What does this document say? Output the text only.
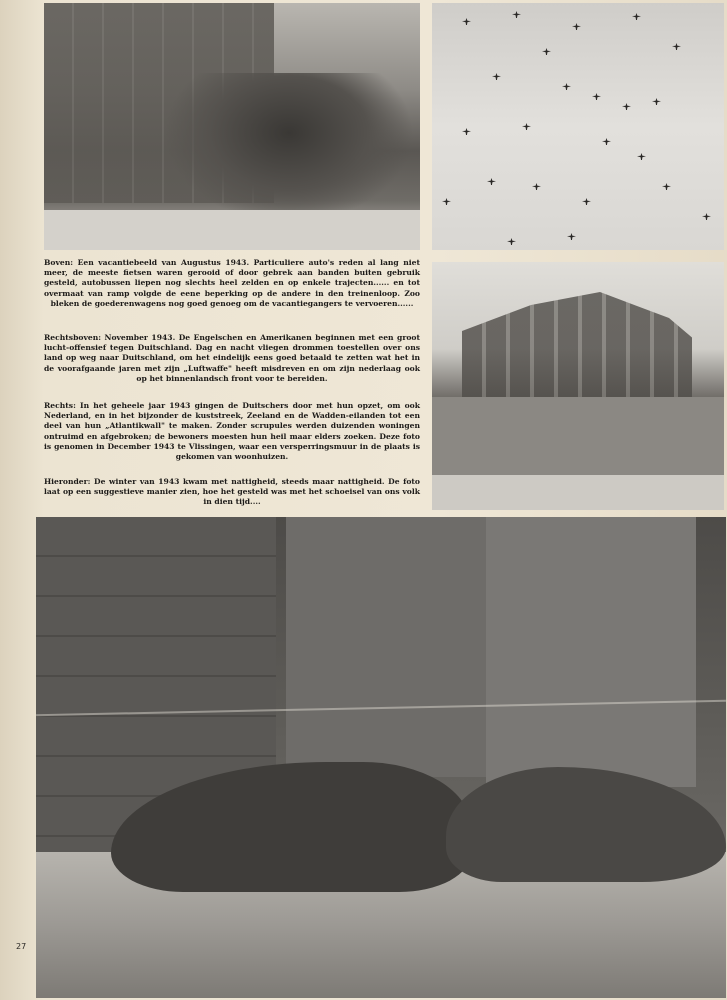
Boven: Een vacantiebeeld van Augustus 1943. Particuliere auto's reden al lang niet meer, de meeste fietsen waren gerooid of door gebrek aan banden buiten gebruik gesteld, autobussen liepen nog slechts heel zelden en op enkele trajecten...... en tot overmaat van ramp volgde de eene beperking op de andere in den treinenloop. Zoo bleken de goederenwagens nog goed genoeg om de vacantiegangers te vervoeren......
Rechtsboven: November 1943. De Engelschen en Amerikanen beginnen met een groot lucht-offensief tegen Duitschland. Dag en nacht vliegen drommen toestellen over ons land op weg naar Duitschland, om het eindelijk eens goed betaald te zetten wat het in de voorafgaande jaren met zijn „Luftwaffe" heeft misdreven en om zijn nederlaag ook op het binnenlandsch front voor te bereiden.
Rechts: In het geheele jaar 1943 gingen de Duitschers door met hun opzet, om ook Nederland, en in het bijzonder de kuststreek, Zeeland en de Wadden-eilanden tot een deel van hun „Atlantikwall" te maken. Zonder scrupules werden duizenden woningen ontruimd en afgebroken; de bewoners moesten hun heil maar elders zoeken. Deze foto is genomen in December 1943 te Vlissingen, waar een versperringsmuur in de plaats is gekomen van woonhuizen.
Hieronder: De winter van 1943 kwam met nattigheid, steeds maar nattigheid. De foto laat op een suggestieve manier zien, hoe het gesteld was met het schoeisel van ons volk in dien tijd....
27
